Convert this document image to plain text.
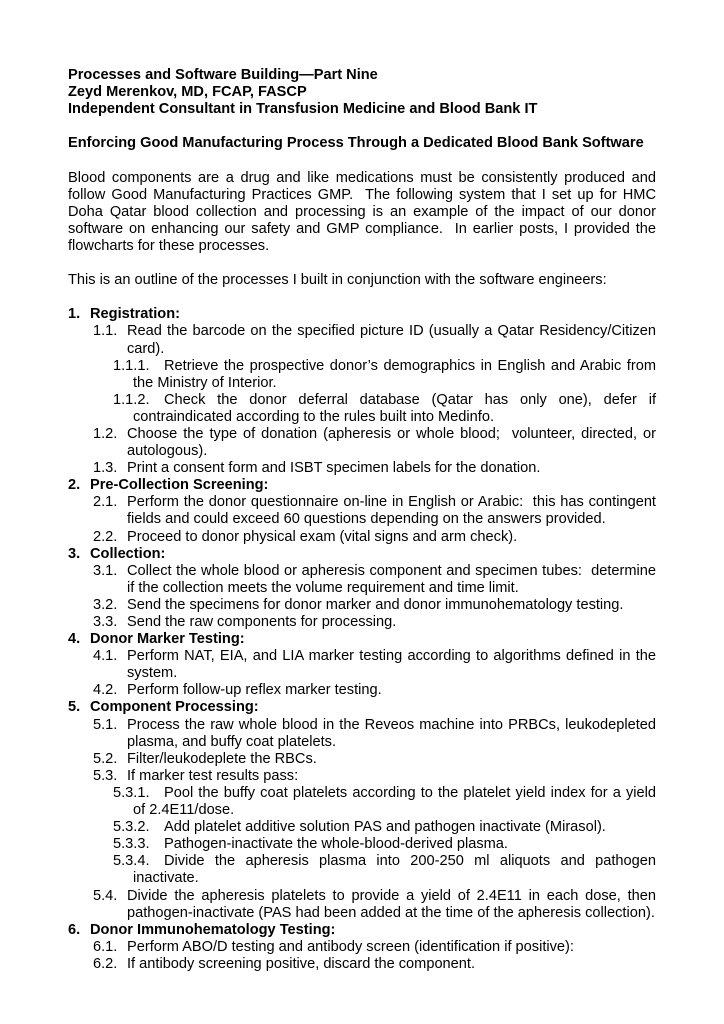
Processes and Software Building—Part Nine
Zeyd Merenkov, MD, FCAP, FASCP
Independent Consultant in Transfusion Medicine and Blood Bank IT
Enforcing Good Manufacturing Process Through a Dedicated Blood Bank Software

Blood components are a drug and like medications must be consistently produced and follow Good Manufacturing Practices GMP.  The following system that I set up for HMC Doha Qatar blood collection and processing is an example of the impact of our donor software on enhancing our safety and GMP compliance.  In earlier posts, I provided the flowcharts for these processes.

This is an outline of the processes I built in conjunction with the software engineers:

1. Registration:
1.1. Read the barcode on the specified picture ID (usually a Qatar Residency/Citizen card).
1.1.1. Retrieve the prospective donor’s demographics in English and Arabic from the Ministry of Interior.
1.1.2. Check the donor deferral database (Qatar has only one), defer if contraindicated according to the rules built into Medinfo.
1.2. Choose the type of donation (apheresis or whole blood;  volunteer, directed, or autologous).
1.3. Print a consent form and ISBT specimen labels for the donation.
2. Pre-Collection Screening:
2.1. Perform the donor questionnaire on-line in English or Arabic:  this has contingent fields and could exceed 60 questions depending on the answers provided.
2.2. Proceed to donor physical exam (vital signs and arm check).
3. Collection:
3.1. Collect the whole blood or apheresis component and specimen tubes:  determine if the collection meets the volume requirement and time limit.
3.2. Send the specimens for donor marker and donor immunohematology testing.
3.3. Send the raw components for processing.
4. Donor Marker Testing:
4.1. Perform NAT, EIA, and LIA marker testing according to algorithms defined in the system.
4.2. Perform follow-up reflex marker testing.
5. Component Processing:
5.1. Process the raw whole blood in the Reveos machine into PRBCs, leukodepleted plasma, and buffy coat platelets.
5.2. Filter/leukodeplete the RBCs.
5.3. If marker test results pass:
5.3.1. Pool the buffy coat platelets according to the platelet yield index for a yield of 2.4E11/dose.
5.3.2. Add platelet additive solution PAS and pathogen inactivate (Mirasol).
5.3.3. Pathogen-inactivate the whole-blood-derived plasma.
5.3.4. Divide the apheresis plasma into 200-250 ml aliquots and pathogen inactivate.
5.4. Divide the apheresis platelets to provide a yield of 2.4E11 in each dose, then pathogen-inactivate (PAS had been added at the time of the apheresis collection).
6. Donor Immunohematology Testing:
6.1. Perform ABO/D testing and antibody screen (identification if positive):
6.2. If antibody screening positive, discard the component.
